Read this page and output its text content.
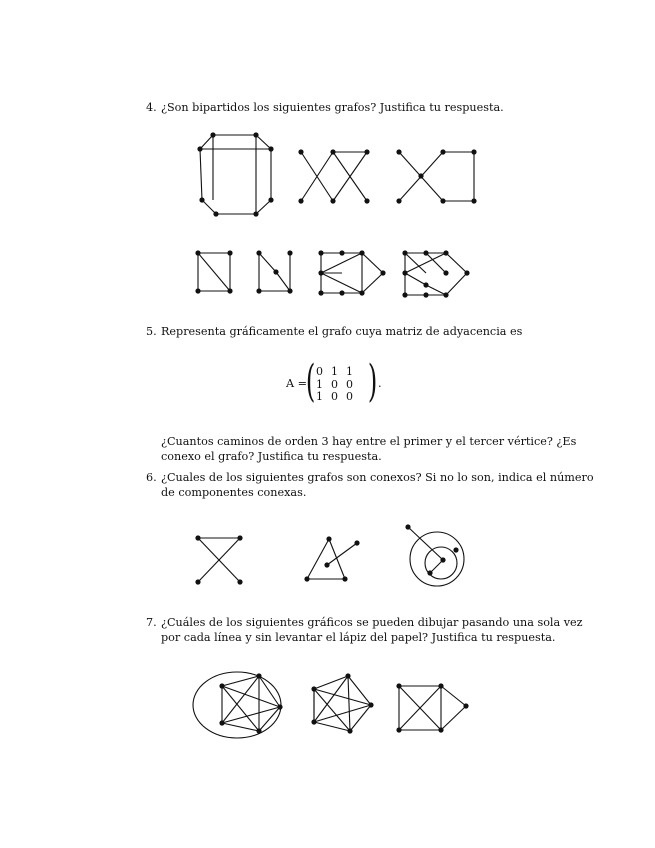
4. ¿Son bipartidos los siguientes grafos? Justifica tu respuesta.
5. Representa gráficamente el grafo cuya matriz de adyacencia es
A =
( 0	1	1
1	0	0
1	0	0 ) .
¿Cuantos caminos de orden 3 hay entre el primer y el tercer vértice? ¿Es
conexo el grafo? Justifica tu respuesta.
6. ¿Cuales de los siguientes grafos son conexos? Si no lo son, indica el número
de componentes conexas.
7. ¿Cuáles de los siguientes gráficos se pueden dibujar pasando una sola vez
por cada línea y sin levantar el lápiz del papel? Justifica tu respuesta.
